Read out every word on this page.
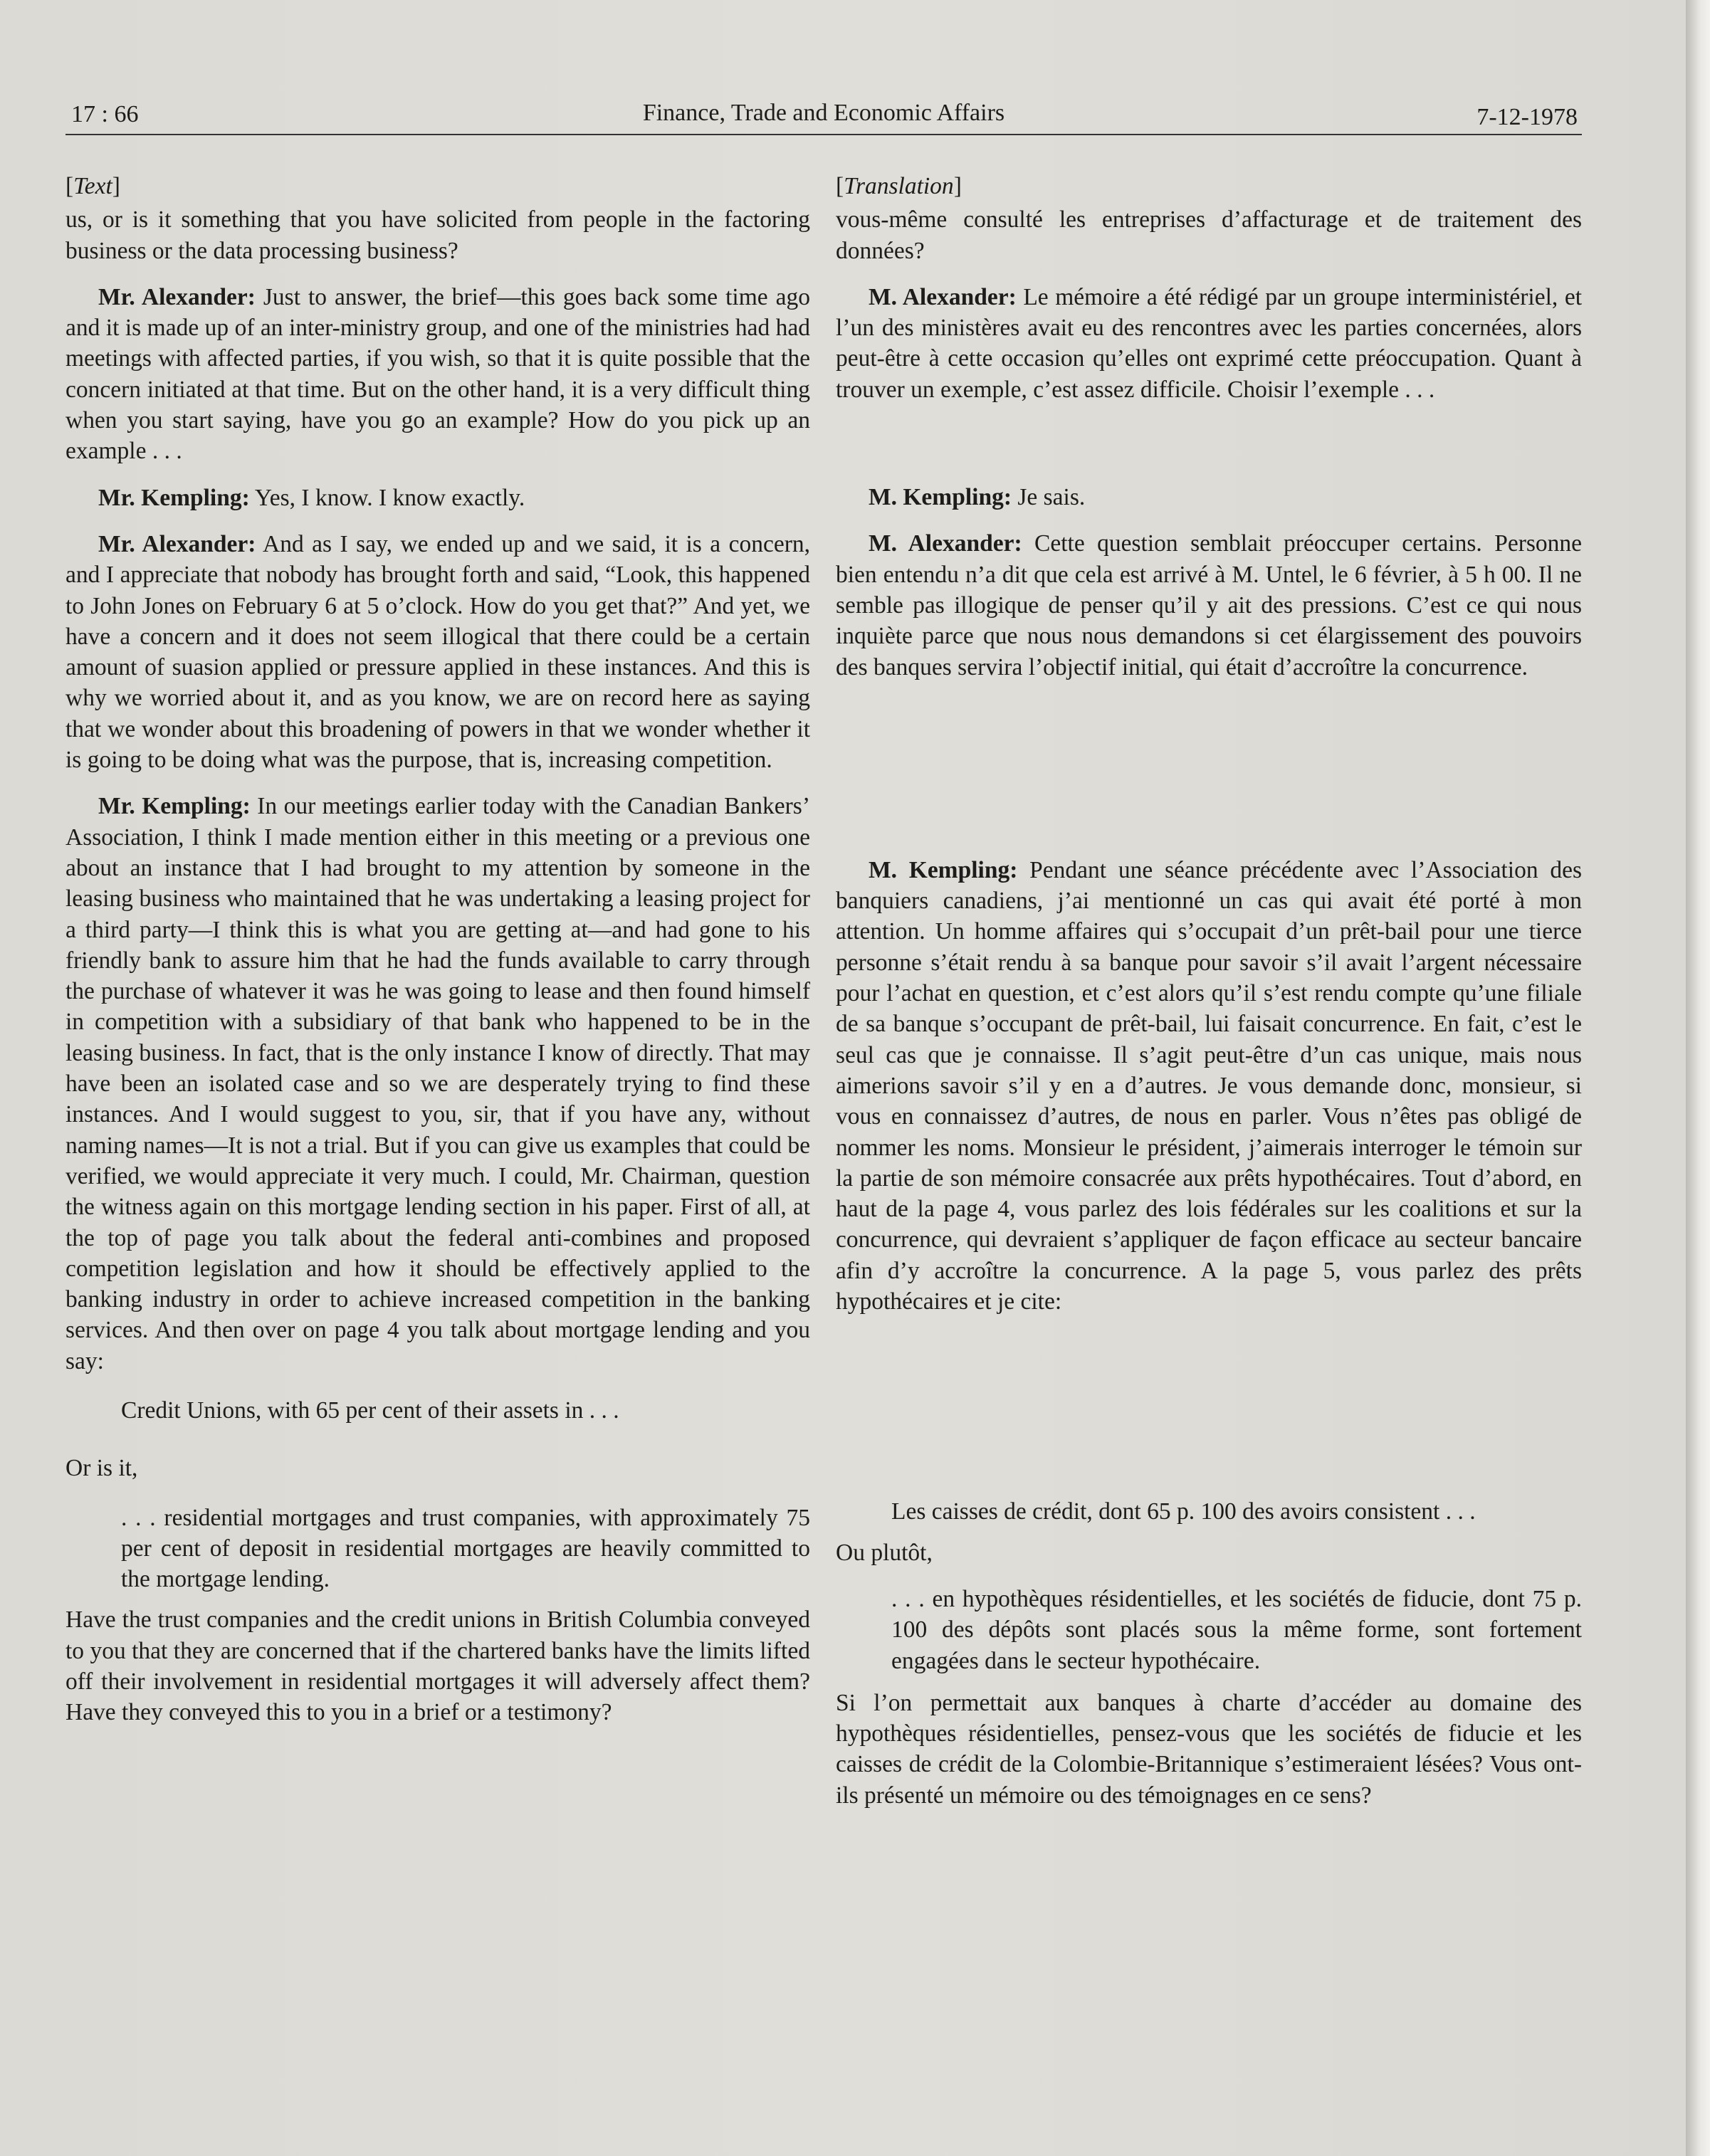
17 : 66	Finance, Trade and Economic Affairs	7-12-1978

[Text]

us, or is it something that you have solicited from people in the factoring business or the data processing business?

Mr. Alexander: Just to answer, the brief—this goes back some time ago and it is made up of an inter-ministry group, and one of the ministries had had meetings with affected parties, if you wish, so that it is quite possible that the concern initiated at that time. But on the other hand, it is a very difficult thing when you start saying, have you go an example? How do you pick up an example . . .

Mr. Kempling: Yes, I know. I know exactly.

Mr. Alexander: And as I say, we ended up and we said, it is a concern, and I appreciate that nobody has brought forth and said, “Look, this happened to John Jones on February 6 at 5 o’clock. How do you get that?” And yet, we have a concern and it does not seem illogical that there could be a certain amount of suasion applied or pressure applied in these instances. And this is why we worried about it, and as you know, we are on record here as saying that we wonder about this broadening of powers in that we wonder whether it is going to be doing what was the purpose, that is, increasing competition.

Mr. Kempling: In our meetings earlier today with the Canadian Bankers’ Association, I think I made mention either in this meeting or a previous one about an instance that I had brought to my attention by someone in the leasing business who maintained that he was undertaking a leasing project for a third party—I think this is what you are getting at—and had gone to his friendly bank to assure him that he had the funds available to carry through the purchase of whatever it was he was going to lease and then found himself in competition with a subsidiary of that bank who happened to be in the leasing business. In fact, that is the only instance I know of directly. That may have been an isolated case and so we are desperately trying to find these instances. And I would suggest to you, sir, that if you have any, without naming names—It is not a trial. But if you can give us examples that could be verified, we would appreciate it very much. I could, Mr. Chairman, question the witness again on this mortgage lending section in his paper. First of all, at the top of page you talk about the federal anti-combines and proposed competition legislation and how it should be effectively applied to the banking industry in order to achieve increased competition in the banking services. And then over on page 4 you talk about mortgage lending and you say:

Credit Unions, with 65 per cent of their assets in . . .

Or is it,

. . . residential mortgages and trust companies, with approximately 75 per cent of deposit in residential mortgages are heavily committed to the mortgage lending.

Have the trust companies and the credit unions in British Columbia conveyed to you that they are concerned that if the chartered banks have the limits lifted off their involvement in residential mortgages it will adversely affect them? Have they conveyed this to you in a brief or a testimony?

[Translation]

vous-même consulté les entreprises d’affacturage et de traitement des données?

M. Alexander: Le mémoire a été rédigé par un groupe interministériel, et l’un des ministères avait eu des rencontres avec les parties concernées, alors peut-être à cette occasion qu’elles ont exprimé cette préoccupation. Quant à trouver un exemple, c’est assez difficile. Choisir l’exemple . . .

M. Kempling: Je sais.

M. Alexander: Cette question semblait préoccuper certains. Personne bien entendu n’a dit que cela est arrivé à M. Untel, le 6 février, à 5 h 00. Il ne semble pas illogique de penser qu’il y ait des pressions. C’est ce qui nous inquiète parce que nous nous demandons si cet élargissement des pouvoirs des banques servira l’objectif initial, qui était d’accroître la concurrence.

M. Kempling: Pendant une séance précédente avec l’Association des banquiers canadiens, j’ai mentionné un cas qui avait été porté à mon attention. Un homme affaires qui s’occupait d’un prêt-bail pour une tierce personne s’était rendu à sa banque pour savoir s’il avait l’argent nécessaire pour l’achat en question, et c’est alors qu’il s’est rendu compte qu’une filiale de sa banque s’occupant de prêt-bail, lui faisait concurrence. En fait, c’est le seul cas que je connaisse. Il s’agit peut-être d’un cas unique, mais nous aimerions savoir s’il y en a d’autres. Je vous demande donc, monsieur, si vous en connaissez d’autres, de nous en parler. Vous n’êtes pas obligé de nommer les noms. Monsieur le président, j’aimerais interroger le témoin sur la partie de son mémoire consacrée aux prêts hypothécaires. Tout d’abord, en haut de la page 4, vous parlez des lois fédérales sur les coalitions et sur la concurrence, qui devraient s’appliquer de façon efficace au secteur bancaire afin d’y accroître la concurrence. A la page 5, vous parlez des prêts hypothécaires et je cite:

Les caisses de crédit, dont 65 p. 100 des avoirs consistent . . .

Ou plutôt,

. . . en hypothèques résidentielles, et les sociétés de fiducie, dont 75 p. 100 des dépôts sont placés sous la même forme, sont fortement engagées dans le secteur hypothécaire.

Si l’on permettait aux banques à charte d’accéder au domaine des hypothèques résidentielles, pensez-vous que les sociétés de fiducie et les caisses de crédit de la Colombie-Britannique s’estimeraient lésées? Vous ont-ils présenté un mémoire ou des témoignages en ce sens?
